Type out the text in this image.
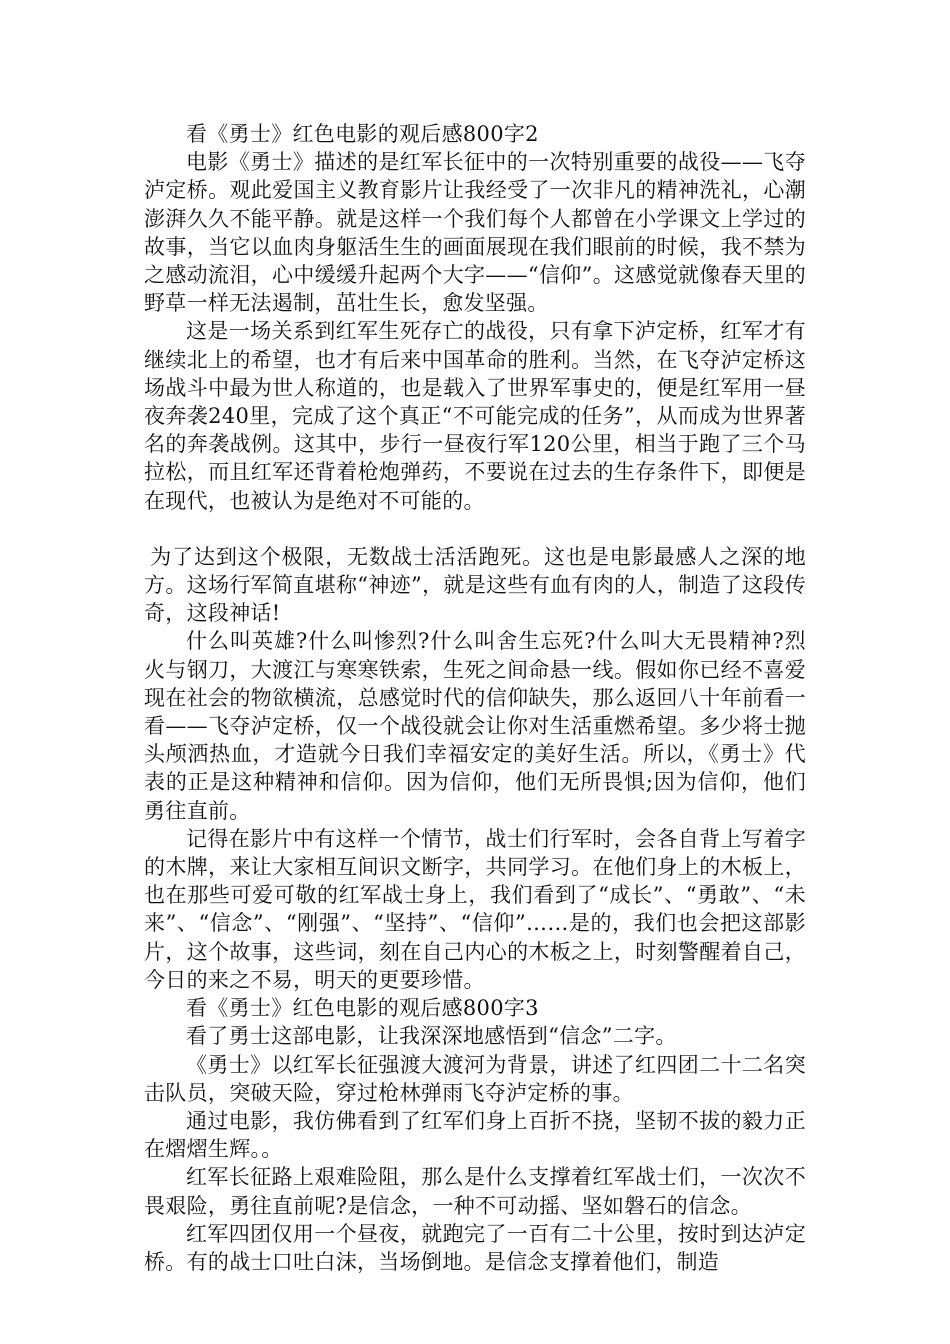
看《勇士》红色电影的观后感800字2

电影《勇士》描述的是红军长征中的一次特别重要的战役——飞夺泸定桥。观此爱国主义教育影片让我经受了一次非凡的精神洗礼，心潮澎湃久久不能平静。就是这样一个我们每个人都曾在小学课文上学过的故事，当它以血肉身躯活生生的画面展现在我们眼前的时候，我不禁为之感动流泪，心中缓缓升起两个大字——“信仰”。这感觉就像春天里的野草一样无法遏制，茁壮生长，愈发坚强。

这是一场关系到红军生死存亡的战役，只有拿下泸定桥，红军才有继续北上的希望，也才有后来中国革命的胜利。当然，在飞夺泸定桥这场战斗中最为世人称道的，也是载入了世界军事史的，便是红军用一昼夜奔袭240里，完成了这个真正“不可能完成的任务”，从而成为世界著名的奔袭战例。这其中，步行一昼夜行军120公里，相当于跑了三个马拉松，而且红军还背着枪炮弹药，不要说在过去的生存条件下，即便是在现代，也被认为是绝对不可能的。

为了达到这个极限，无数战士活活跑死。这也是电影最感人之深的地方。这场行军简直堪称“神迹”，就是这些有血有肉的人，制造了这段传奇，这段神话!

什么叫英雄?什么叫惨烈?什么叫舍生忘死?什么叫大无畏精神?烈火与钢刀，大渡江与寒寒铁索，生死之间命悬一线。假如你已经不喜爱现在社会的物欲横流，总感觉时代的信仰缺失，那么返回八十年前看一看——飞夺泸定桥，仅一个战役就会让你对生活重燃希望。多少将士抛头颅洒热血，才造就今日我们幸福安定的美好生活。所以，《勇士》代表的正是这种精神和信仰。因为信仰，他们无所畏惧;因为信仰，他们勇往直前。

记得在影片中有这样一个情节，战士们行军时，会各自背上写着字的木牌，来让大家相互间识文断字，共同学习。在他们身上的木板上，也在那些可爱可敬的红军战士身上，我们看到了“成长”、“勇敢”、“未来”、“信念”、“刚强”、“坚持”、“信仰”……是的，我们也会把这部影片，这个故事，这些词，刻在自己内心的木板之上，时刻警醒着自己，今日的来之不易，明天的更要珍惜。

看《勇士》红色电影的观后感800字3

看了勇士这部电影，让我深深地感悟到“信念”二字。

《勇士》以红军长征强渡大渡河为背景，讲述了红四团二十二名突击队员，突破天险，穿过枪林弹雨飞夺泸定桥的事。

通过电影，我仿佛看到了红军们身上百折不挠，坚韧不拔的毅力正在熠熠生辉。。

红军长征路上艰难险阻，那么是什么支撑着红军战士们，一次次不畏艰险，勇往直前呢?是信念，一种不可动摇、坚如磐石的信念。

红军四团仅用一个昼夜，就跑完了一百有二十公里，按时到达泸定桥。有的战士口吐白沫，当场倒地。是信念支撑着他们，制造
